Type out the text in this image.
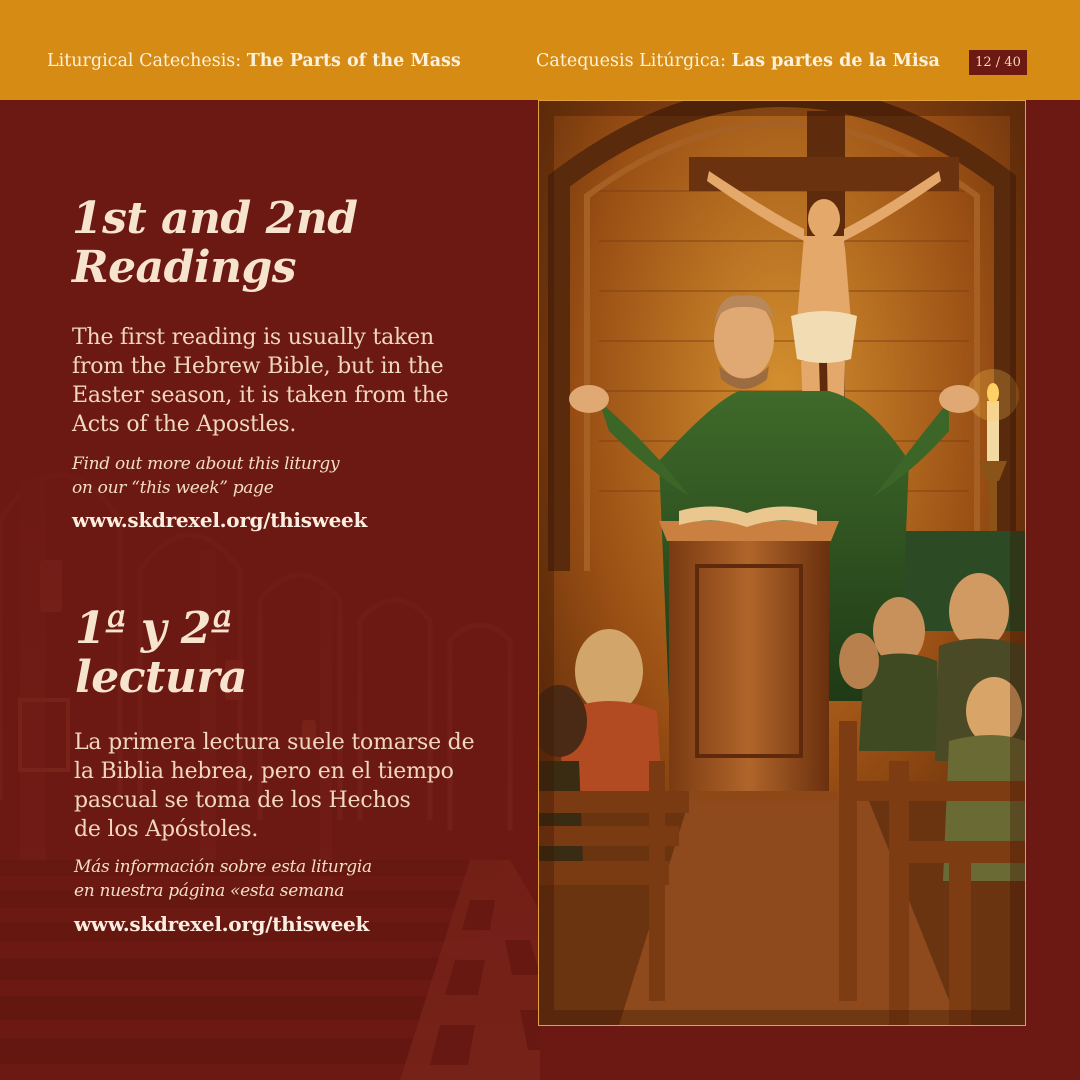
Liturgical Catechesis: The Parts of the Mass	Catequesis Litúrgica: Las partes de la Misa	12 / 40
1st and 2nd
Readings

The first reading is usually taken
from the Hebrew Bible, but in the
Easter season, it is taken from the
Acts of the Apostles.

Find out more about this liturgy
on our “this week” page

www.skdrexel.org/thisweek

1ª y 2ª
lectura

La primera lectura suele tomarse de
la Biblia hebrea, pero en el tiempo
pascual se toma de los Hechos
de los Apóstoles.

Más información sobre esta liturgia
en nuestra página «esta semana

www.skdrexel.org/thisweek
